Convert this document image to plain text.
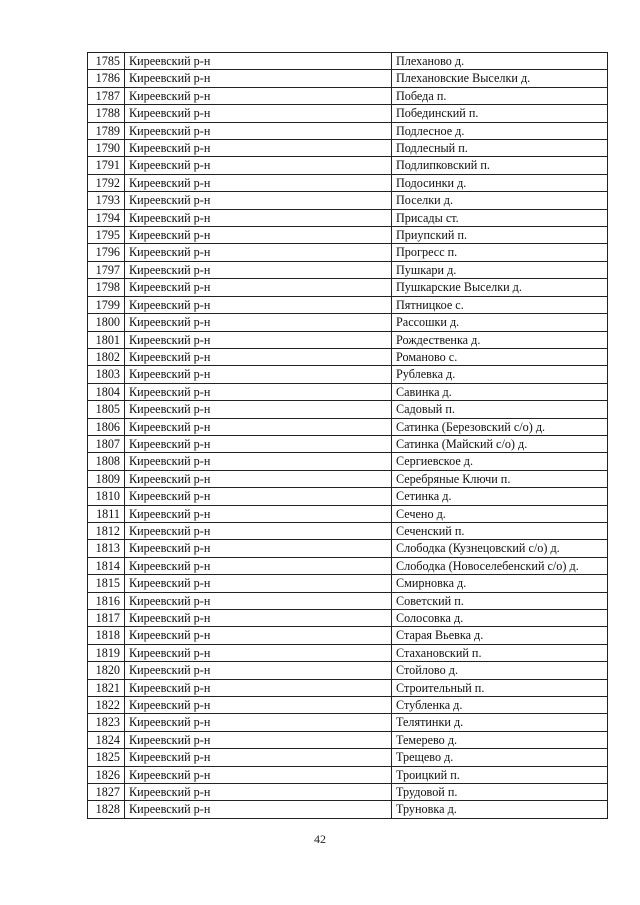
1785	Киреевский р-н	Плеханово д.
1786	Киреевский р-н	Плехановские Выселки д.
1787	Киреевский р-н	Победа п.
1788	Киреевский р-н	Побединский п.
1789	Киреевский р-н	Подлесное д.
1790	Киреевский р-н	Подлесный п.
1791	Киреевский р-н	Подлипковский п.
1792	Киреевский р-н	Подосинки д.
1793	Киреевский р-н	Поселки д.
1794	Киреевский р-н	Присады ст.
1795	Киреевский р-н	Приупский п.
1796	Киреевский р-н	Прогресс п.
1797	Киреевский р-н	Пушкари д.
1798	Киреевский р-н	Пушкарские Выселки д.
1799	Киреевский р-н	Пятницкое с.
1800	Киреевский р-н	Рассошки д.
1801	Киреевский р-н	Рождественка д.
1802	Киреевский р-н	Романово с.
1803	Киреевский р-н	Рублевка д.
1804	Киреевский р-н	Савинка д.
1805	Киреевский р-н	Садовый п.
1806	Киреевский р-н	Сатинка (Березовский с/о) д.
1807	Киреевский р-н	Сатинка (Майский с/о) д.
1808	Киреевский р-н	Сергиевское д.
1809	Киреевский р-н	Серебряные Ключи п.
1810	Киреевский р-н	Сетинка д.
1811	Киреевский р-н	Сечено д.
1812	Киреевский р-н	Сеченский п.
1813	Киреевский р-н	Слободка (Кузнецовский с/о) д.
1814	Киреевский р-н	Слободка (Новоселебенский с/о) д.
1815	Киреевский р-н	Смирновка д.
1816	Киреевский р-н	Советский п.
1817	Киреевский р-н	Солосовка д.
1818	Киреевский р-н	Старая Вьевка д.
1819	Киреевский р-н	Стахановский п.
1820	Киреевский р-н	Стойлово д.
1821	Киреевский р-н	Строительный п.
1822	Киреевский р-н	Стубленка д.
1823	Киреевский р-н	Телятинки д.
1824	Киреевский р-н	Темерево д.
1825	Киреевский р-н	Трещево д.
1826	Киреевский р-н	Троицкий п.
1827	Киреевский р-н	Трудовой п.
1828	Киреевский р-н	Труновка д.
42
